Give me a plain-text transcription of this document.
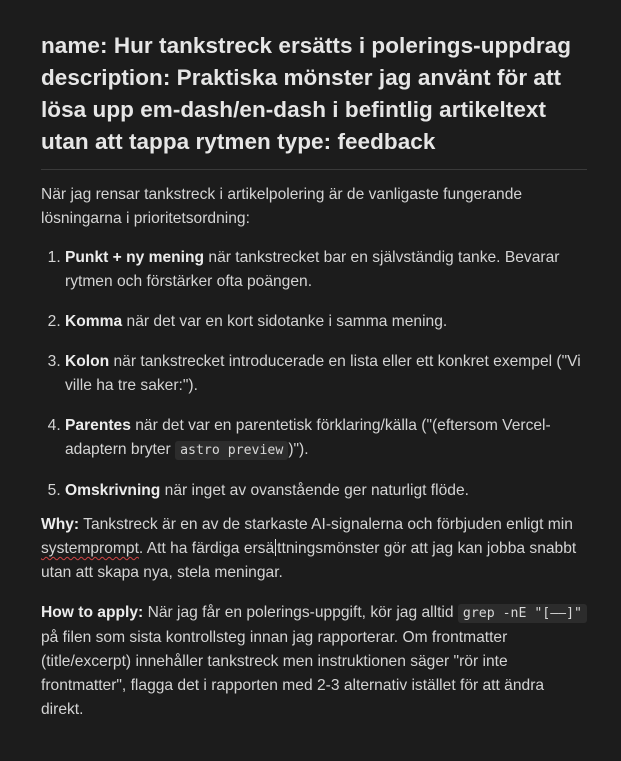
name: Hur tankstreck ersätts i polerings-uppdrag description: Praktiska mönster jag använt för att lösa upp em-dash/en-dash i befintlig artikeltext utan att tappa rytmen type: feedback

När jag rensar tankstreck i artikelpolering är de vanligaste fungerande lösningarna i prioritetsordning:

1. Punkt + ny mening när tankstrecket bar en självständig tanke. Bevarar rytmen och förstärker ofta poängen.
2. Komma när det var en kort sidotanke i samma mening.
3. Kolon när tankstrecket introducerade en lista eller ett konkret exempel ("Vi ville ha tre saker:").
4. Parentes när det var en parentetisk förklaring/källa ("(eftersom Vercel-adaptern bryter astro preview )").
5. Omskrivning när inget av ovanstående ger naturligt flöde.

Why: Tankstreck är en av de starkaste AI-signalerna och förbjuden enligt min systemprompt. Att ha färdiga ersä ttningsmönster gör att jag kan jobba snabbt utan att skapa nya, stela meningar.

How to apply: När jag får en polerings-uppgift, kör jag alltid grep -nE "[—–]" på filen som sista kontrollsteg innan jag rapporterar. Om frontmatter (title/excerpt) innehåller tankstreck men instruktionen säger "rör inte frontmatter", flagga det i rapporten med 2-3 alternativ istället för att ändra direkt.
